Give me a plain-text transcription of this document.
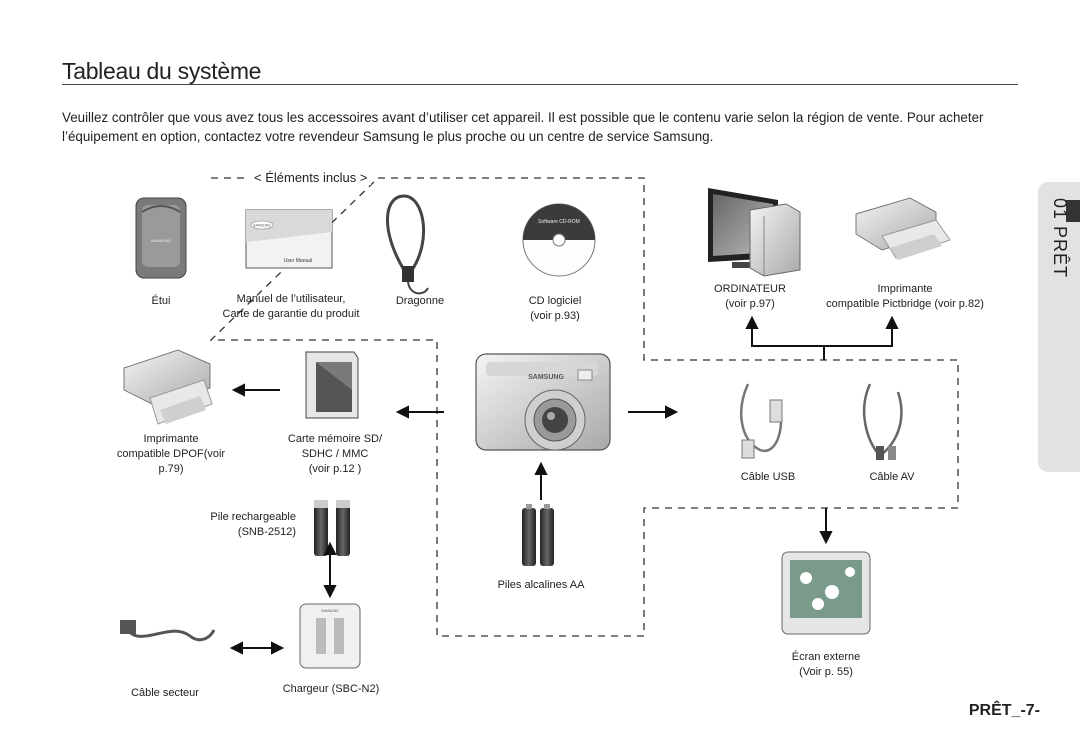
Tableau du système
Veuillez contrôler que vous avez tous les accessoires avant d’utiliser cet appareil. Il est possible que le contenu varie selon la région de vente. Pour acheter l’équipement en option, contactez votre revendeur Samsung le plus proche ou un centre de service Samsung.
01 PRÊT
SAMSUNG
SAMSUNG
User Manual
Software CD-ROM
SAMSUNG
SAMSUNG
< Éléments inclus >
Étui	Manuel de l’utilisateur,
Carte de garantie du produit
Dragonne	CD logiciel
(voir p.93)
ORDINATEUR
(voir p.97)
Imprimante
compatible Pictbridge (voir p.82)
Imprimante
compatible DPOF(voir
p.79)
Carte mémoire SD/
SDHC / MMC
(voir p.12 )
Câble USB	Câble AV
Pile rechargeable
(SNB-2512)
Piles alcalines AA
Câble secteur	Chargeur (SBC-N2)
Écran externe
(Voir p. 55)
PRÊT_-7-
